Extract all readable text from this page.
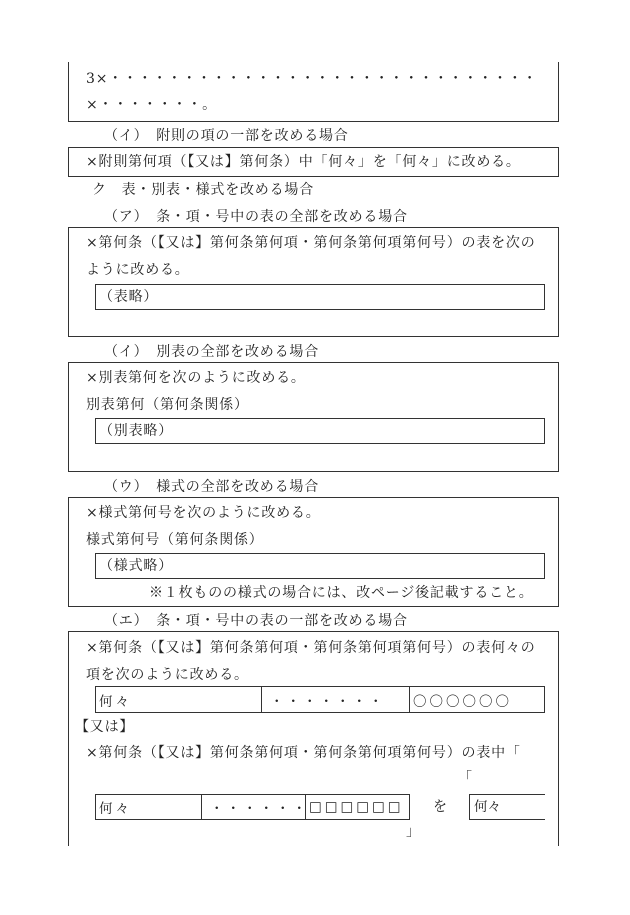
3×・・・・・・・・・・・・・・・・・・・・・・・・・・・・・
×・・・・・・・。
（イ）　附則の項の一部を改める場合
×附則第何項（【又は】第何条）中「何々」を「何々」に改める。
ク　表・別表・様式を改める場合
（ア）　条・項・号中の表の全部を改める場合
×第何条（【又は】第何条第何項・第何条第何項第何号）の表を次の
ように改める。
（表略）
（イ）　別表の全部を改める場合
×別表第何を次のように改める。
別表第何（第何条関係）
（別表略）
（ウ）　様式の全部を改める場合
×様式第何号を次のように改める。
様式第何号（第何条関係）
（様式略）
※１枚ものの様式の場合には、改ページ後記載すること。
（エ）　条・項・号中の表の一部を改める場合
×第何条（【又は】第何条第何項・第何条第何項第何号）の表何々の
項を次のように改める。
何々	・・・・・・・	〇〇〇〇〇〇
【又は】
×第何条（【又は】第何条第何項・第何条第何項第何号）の表中「
「
何々	・・・・・・ □□□□□□	を 何々
」
